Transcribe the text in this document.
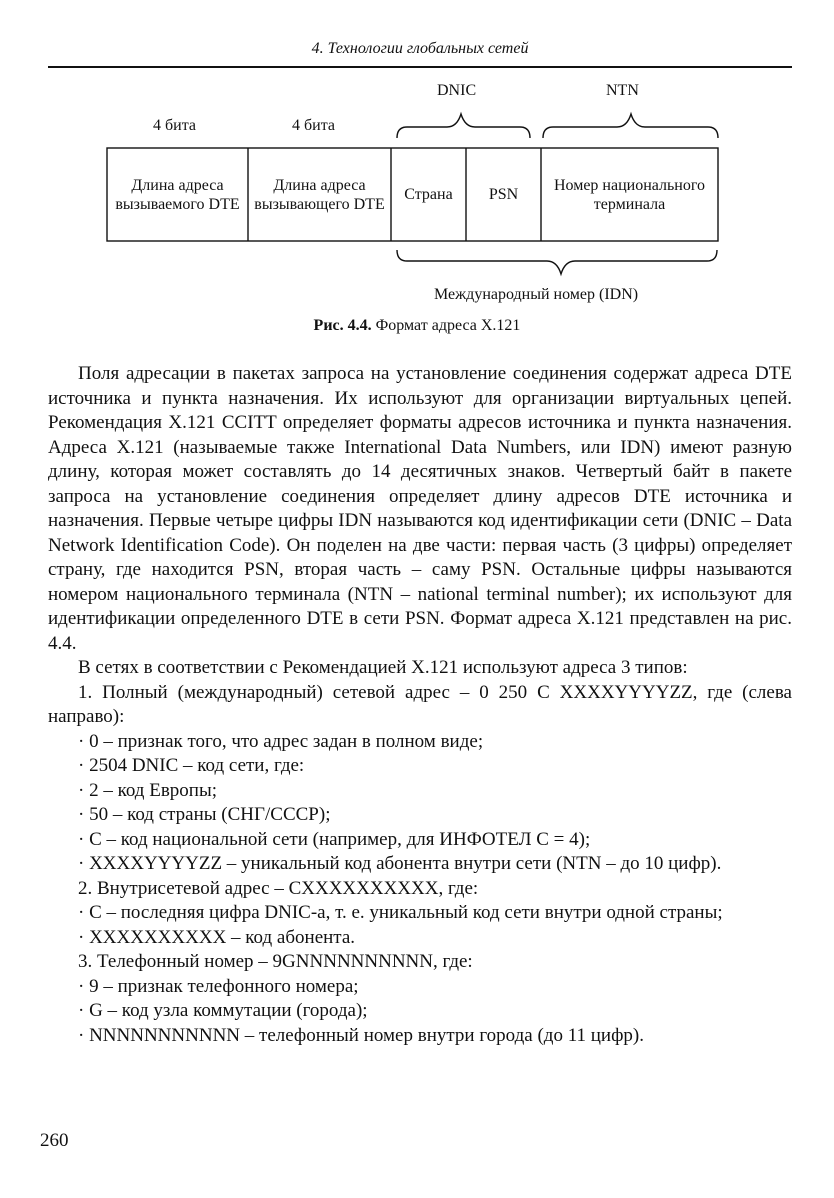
4. Технологии глобальных сетей
DNIC	NTN
4 бита	4 бита
Длина адреса вызываемого DTE
Длина адреса вызывающего DTE
Страна	PSN
Номер национального терминала
Международный номер (IDN)
Рис. 4.4. Формат адреса X.121

Поля адресации в пакетах запроса на установление соединения содержат адреса DTE источника и пункта назначения. Их используют для организации виртуальных цепей. Рекомендация X.121 CCITT определяет форматы адресов источника и пункта назначения. Адреса X.121 (называемые также International Data Numbers, или IDN) имеют разную длину, которая может составлять до 14 десятичных знаков. Четвертый байт в пакете запроса на установление соединения определяет длину адресов DTE источника и назначения. Первые четыре цифры IDN называются код идентификации сети (DNIC – Data Network Identification Code). Он поделен на две части: первая часть (3 цифры) определяет страну, где находится PSN, вторая часть – саму PSN. Остальные цифры называются номером национального терминала (NTN – national terminal number); их используют для идентификации определенного DTE в сети PSN. Формат адреса X.121 представлен на рис. 4.4.

В сетях в соответствии с Рекомендацией X.121 используют адреса 3 типов:

1. Полный (международный) сетевой адрес – 0 250 C XXXXYYYYZZ, где (слева направо):

· 0 – признак того, что адрес задан в полном виде;

· 2504 DNIC – код сети, где:

· 2 – код Европы;

· 50 – код страны (СНГ/СССР);

· C – код национальной сети (например, для ИНФОТЕЛ C = 4);

· XXXXYYYYZZ – уникальный код абонента внутри сети (NTN – до 10 цифр).

2. Внутрисетевой адрес – CXXXXXXXXXX, где:

· C – последняя цифра DNIC-а, т. е. уникальный код сети внутри одной страны;

· XXXXXXXXXX – код абонента.

3. Телефонный номер – 9GNNNNNNNNNN, где:

· 9 – признак телефонного номера;

· G – код узла коммутации (города);

· NNNNNNNNNNN – телефонный номер внутри города (до 11 цифр).

260
